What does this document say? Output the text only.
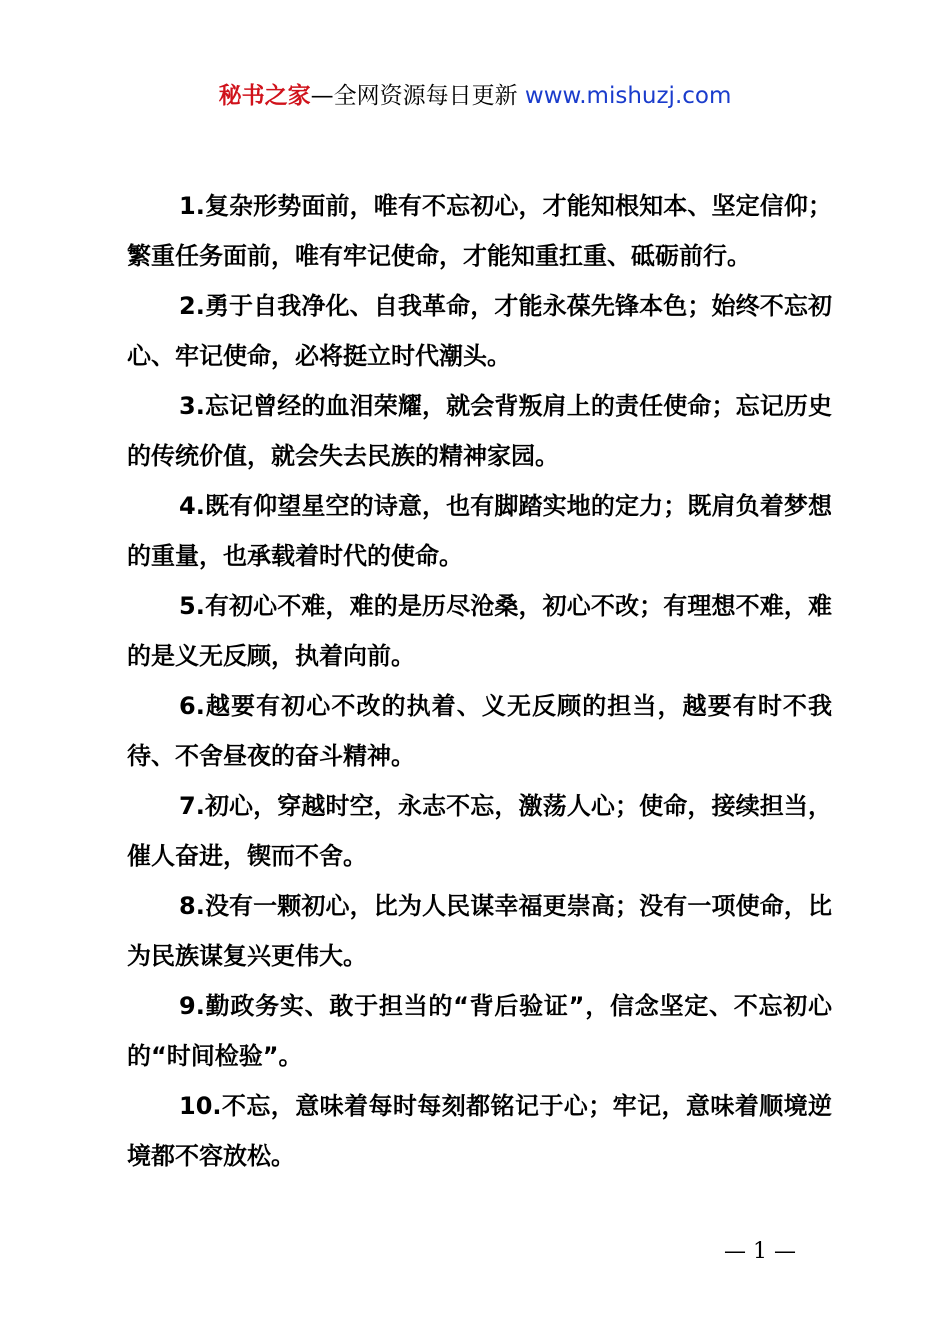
秘书之家—全网资源每日更新 www.mishuzj.com

1.复杂形势面前，唯有不忘初心，才能知根知本、坚定信仰；繁重任务面前，唯有牢记使命，才能知重扛重、砥砺前行。

2.勇于自我净化、自我革命，才能永葆先锋本色；始终不忘初心、牢记使命，必将挺立时代潮头。

3.忘记曾经的血泪荣耀，就会背叛肩上的责任使命；忘记历史的传统价值，就会失去民族的精神家园。

4.既有仰望星空的诗意，也有脚踏实地的定力；既肩负着梦想的重量，也承载着时代的使命。

5.有初心不难，难的是历尽沧桑，初心不改；有理想不难，难的是义无反顾，执着向前。

6.越要有初心不改的执着、义无反顾的担当，越要有时不我待、不舍昼夜的奋斗精神。

7.初心，穿越时空，永志不忘，激荡人心；使命，接续担当，催人奋进，锲而不舍。

8.没有一颗初心，比为人民谋幸福更崇高；没有一项使命，比为民族谋复兴更伟大。

9.勤政务实、敢于担当的“背后验证”，信念坚定、不忘初心的“时间检验”。

10.不忘，意味着每时每刻都铭记于心；牢记，意味着顺境逆境都不容放松。

— 1 —
